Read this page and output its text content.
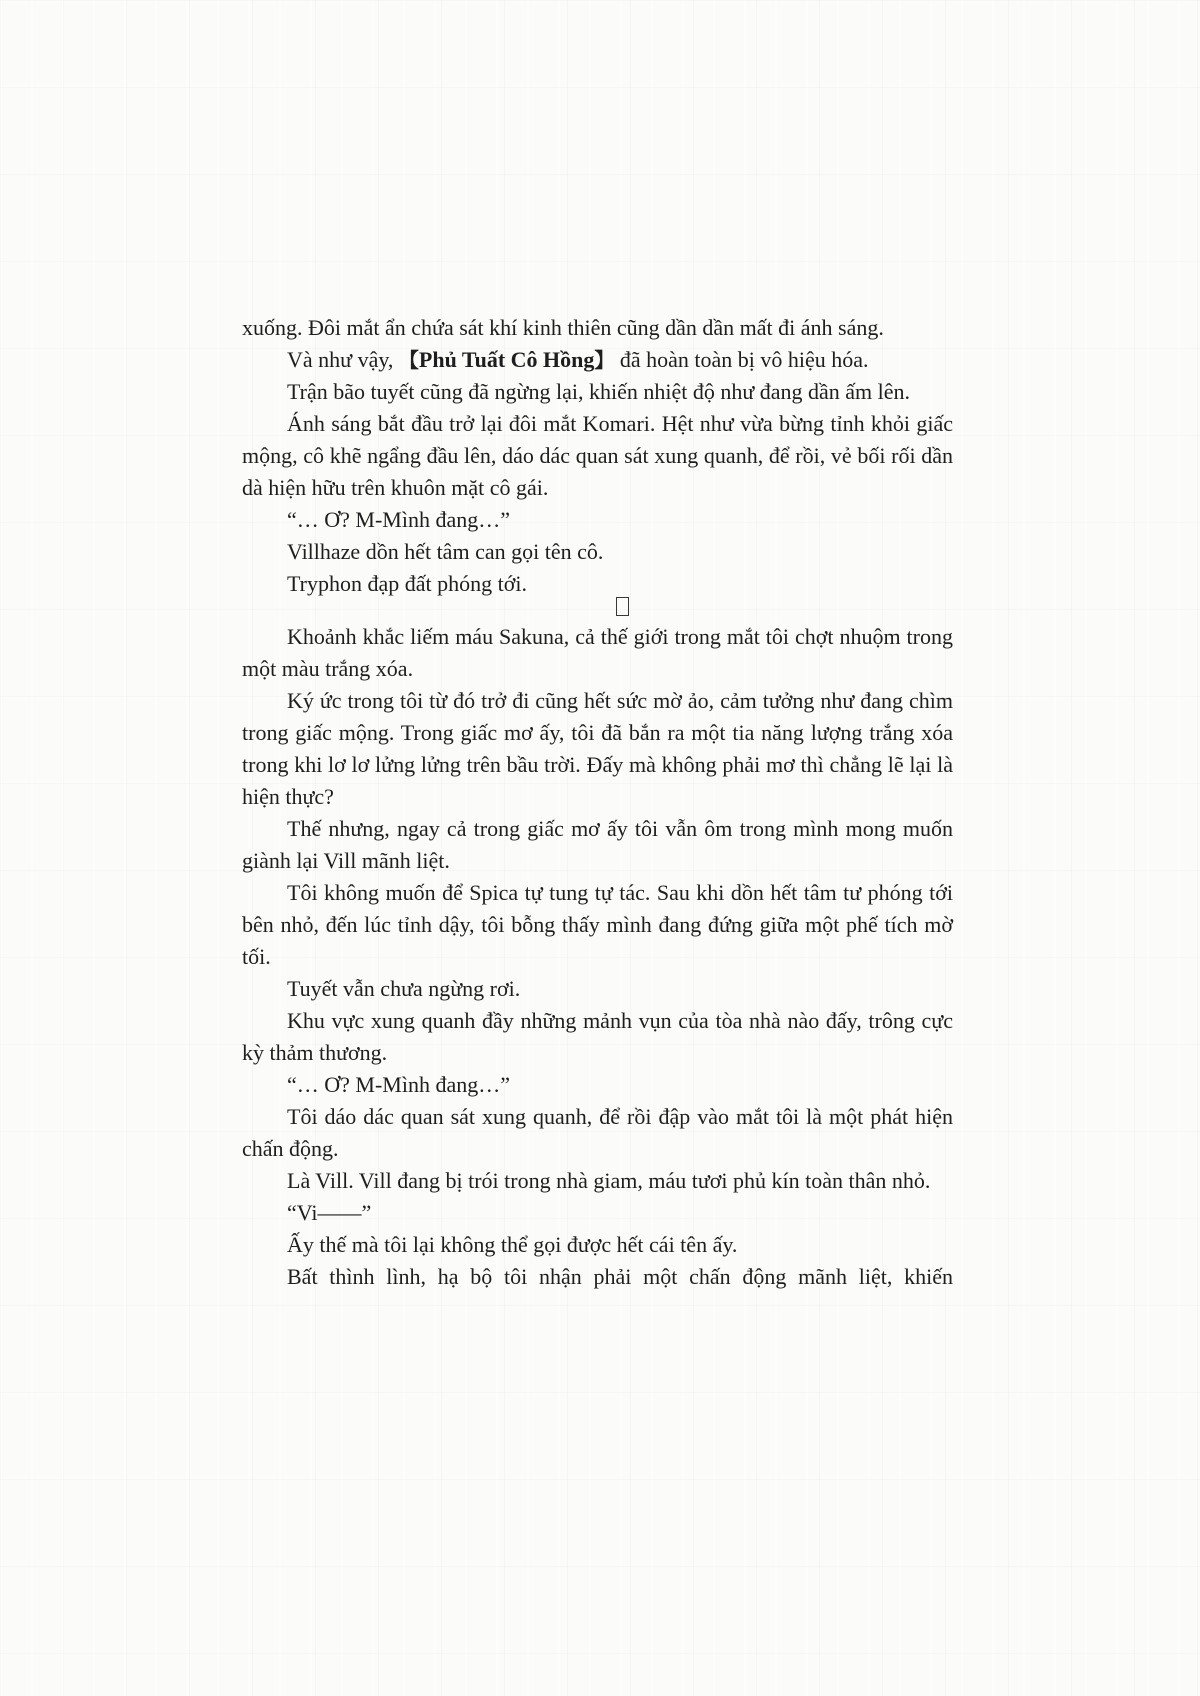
xuống. Đôi mắt ẩn chứa sát khí kinh thiên cũng dần dần mất đi ánh sáng.

Và như vậy, 【Phủ Tuất Cô Hồng】 đã hoàn toàn bị vô hiệu hóa.

Trận bão tuyết cũng đã ngừng lại, khiến nhiệt độ như đang dần ấm lên.

Ánh sáng bắt đầu trở lại đôi mắt Komari. Hệt như vừa bừng tỉnh khỏi giấc mộng, cô khẽ ngẩng đầu lên, dáo dác quan sát xung quanh, để rồi, vẻ bối rối dần dà hiện hữu trên khuôn mặt cô gái.

“… Ơ? M-Mình đang…”

Villhaze dồn hết tâm can gọi tên cô.

Tryphon đạp đất phóng tới.

Khoảnh khắc liếm máu Sakuna, cả thế giới trong mắt tôi chợt nhuộm trong một màu trắng xóa.

Ký ức trong tôi từ đó trở đi cũng hết sức mờ ảo, cảm tưởng như đang chìm trong giấc mộng. Trong giấc mơ ấy, tôi đã bắn ra một tia năng lượng trắng xóa trong khi lơ lơ lửng lửng trên bầu trời. Đấy mà không phải mơ thì chẳng lẽ lại là hiện thực?

Thế nhưng, ngay cả trong giấc mơ ấy tôi vẫn ôm trong mình mong muốn giành lại Vill mãnh liệt.

Tôi không muốn để Spica tự tung tự tác. Sau khi dồn hết tâm tư phóng tới bên nhỏ, đến lúc tỉnh dậy, tôi bỗng thấy mình đang đứng giữa một phế tích mờ tối.

Tuyết vẫn chưa ngừng rơi.

Khu vực xung quanh đầy những mảnh vụn của tòa nhà nào đấy, trông cực kỳ thảm thương.

“… Ơ? M-Mình đang…”

Tôi dáo dác quan sát xung quanh, để rồi đập vào mắt tôi là một phát hiện chấn động.

Là Vill. Vill đang bị trói trong nhà giam, máu tươi phủ kín toàn thân nhỏ.

“Vi——”

Ấy thế mà tôi lại không thể gọi được hết cái tên ấy.

Bất thình lình, hạ bộ tôi nhận phải một chấn động mãnh liệt, khiến
